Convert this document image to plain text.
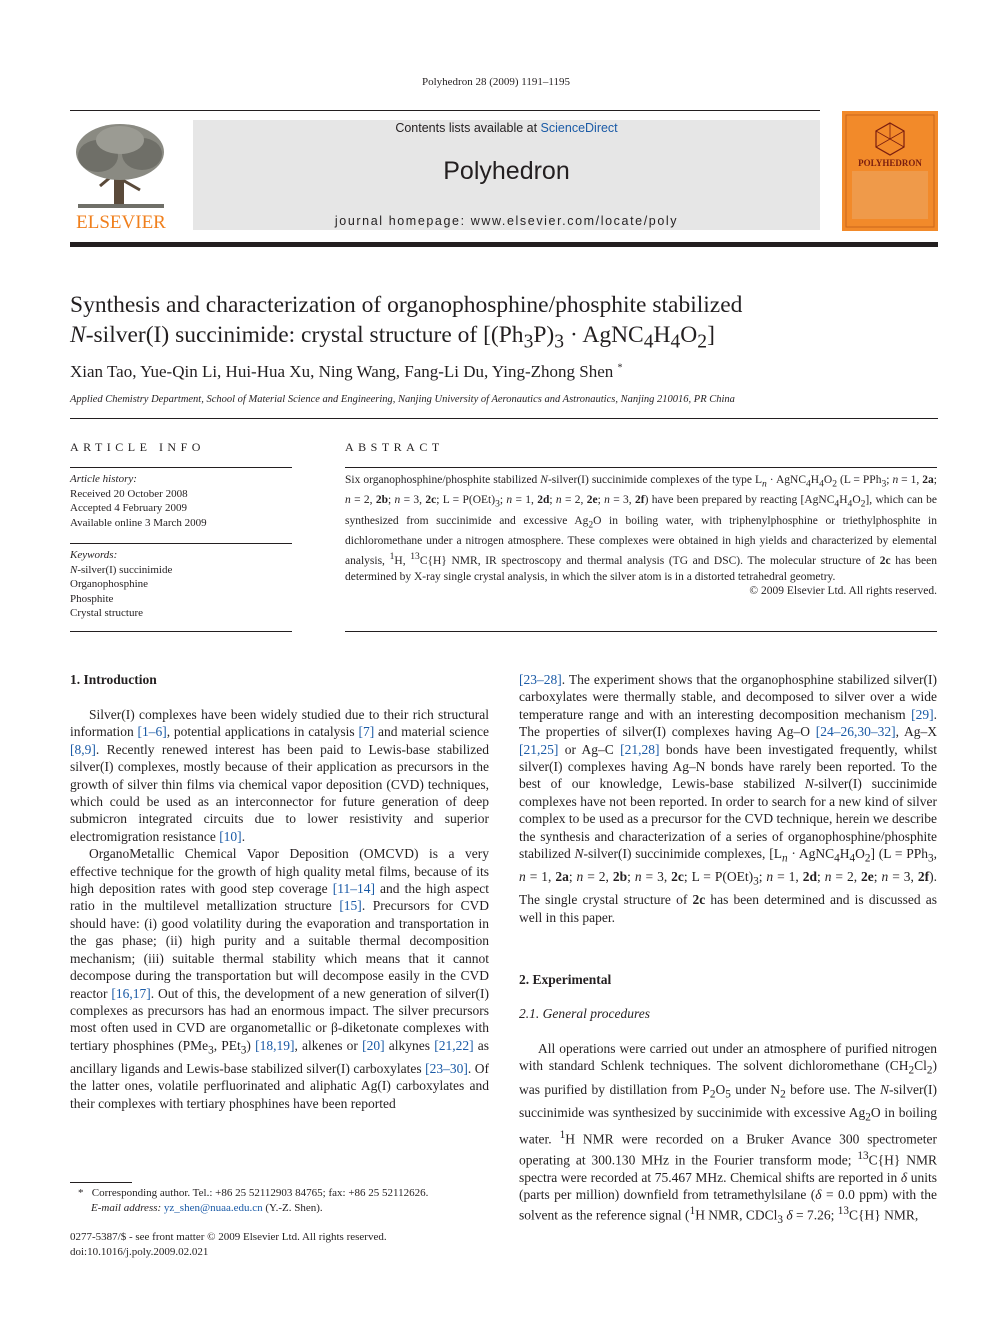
Polyhedron 28 (2009) 1191–1195
ELSEVIER
Contents lists available at ScienceDirect
Polyhedron
journal homepage: www.elsevier.com/locate/poly
POLYHEDRON
Synthesis and characterization of organophosphine/phosphite stabilized
N-silver(I) succinimide: crystal structure of [$(Ph_3P)_3$ · $AgNC_4H_4O_2$]
Xian Tao, Yue-Qin Li, Hui-Hua Xu, Ning Wang, Fang-Li Du, Ying-Zhong Shen *
Applied Chemistry Department, School of Material Science and Engineering, Nanjing University of Aeronautics and Astronautics, Nanjing 210016, PR China
ARTICLE INFO
Article history:
Received 20 October 2008
Accepted 4 February 2009
Available online 3 March 2009
Keywords:
N-silver(I) succinimide
Organophosphine
Phosphite
Crystal structure
ABSTRACT
Six organophosphine/phosphite stabilized N-silver(I) succinimide complexes of the type $L_n$ · $AgNC_4H_4O_2$ (L = PPh$_3$; n = 1, 2a; n = 2, 2b; n = 3, 2c; $L = P(OEt)_3$; n = 1, 2d; n = 2, 2e; n = 3, 2f) have been prepared by reacting $[AgNC_4H_4O_2]$, which can be synthesized from succinimide and excessive $Ag_2O$ in boiling water, with triphenylphosphine or triethylphosphite in dichloromethane under a nitrogen atmosphere. These complexes were obtained in high yields and characterized by elemental analysis, $^1$H, $^{13}$C{H} NMR, IR spectroscopy and thermal analysis (TG and DSC). The molecular structure of 2c has been determined by X-ray single crystal analysis, in which the silver atom is in a distorted tetrahedral geometry.
© 2009 Elsevier Ltd. All rights reserved.
1. Introduction

Silver(I) complexes have been widely studied due to their rich structural information [1–6], potential applications in catalysis [7] and material science [8,9]. Recently renewed interest has been paid to Lewis-base stabilized silver(I) complexes, mostly because of their application as precursors in the growth of silver thin films via chemical vapor deposition (CVD) techniques, which could be used as an interconnector for future generation of deep submicron integrated circuits due to lower resistivity and superior electromigration resistance [10].

OrganoMetallic Chemical Vapor Deposition (OMCVD) is a very effective technique for the growth of high quality metal films, because of its high deposition rates with good step coverage [11–14] and the high aspect ratio in the multilevel metallization structure [15]. Precursors for CVD should have: (i) good volatility during the evaporation and transportation in the gas phase; (ii) high purity and a suitable thermal decomposition mechanism; (iii) suitable thermal stability which means that it cannot decompose during the transportation but will decompose easily in the CVD reactor [16,17]. Out of this, the development of a new generation of silver(I) complexes as precursors has had an enormous impact. The silver precursors most often used in CVD are organometallic or β-diketonate complexes with tertiary phosphines (PMe$_3$, PEt$_3$) [18,19], alkenes or [20] alkynes [21,22] as ancillary ligands and Lewis-base stabilized silver(I) carboxylates [23–30]. Of the latter ones, volatile perfluorinated and aliphatic Ag(I) carboxylates and their complexes with tertiary phosphines have been reported

[23–28]. The experiment shows that the organophosphine stabilized silver(I) carboxylates were thermally stable, and decomposed to silver over a wide temperature range and with an interesting decomposition mechanism [29]. The properties of silver(I) complexes having Ag–O [24–26,30–32], Ag–X [21,25] or Ag–C [21,28] bonds have been investigated frequently, whilst silver(I) complexes having Ag–N bonds have rarely been reported. To the best of our knowledge, Lewis-base stabilized N-silver(I) succinimide complexes have not been reported. In order to search for a new kind of silver complex to be used as a precursor for the CVD technique, herein we describe the synthesis and characterization of a series of organophosphine/phosphite stabilized N-silver(I) succinimide complexes, [$L_n$ · $AgNC_4H_4O_2$] (L = PPh$_3$, n = 1, 2a; n = 2, 2b; n = 3, 2c; $L = P(OEt)_3$; n = 1, 2d; n = 2, 2e; n = 3, 2f). The single crystal structure of 2c has been determined and is discussed as well in this paper.

2. Experimental
2.1. General procedures

All operations were carried out under an atmosphere of purified nitrogen with standard Schlenk techniques. The solvent dichloromethane $(CH_2Cl_2)$ was purified by distillation from $P_2O_5$ under $N_2$ before use. The N-silver(I) succinimide was synthesized by succinimide with excessive $Ag_2O$ in boiling water. $^1$H NMR were recorded on a Bruker Avance 300 spectrometer operating at 300.130 MHz in the Fourier transform mode; $^{13}$C{H} NMR spectra were recorded at 75.467 MHz. Chemical shifts are reported in δ units (parts per million) downfield from tetramethylsilane (δ = 0.0 ppm) with the solvent as the reference signal ($^1$H NMR, CDCl$_3$ δ = 7.26; $^{13}$C{H} NMR,

*   Corresponding author. Tel.: +86 25 52112903 84765; fax: +86 25 52112626.
E-mail address: yz_shen@nuaa.edu.cn (Y.-Z. Shen).
0277-5387/$ - see front matter © 2009 Elsevier Ltd. All rights reserved.
doi:10.1016/j.poly.2009.02.021
